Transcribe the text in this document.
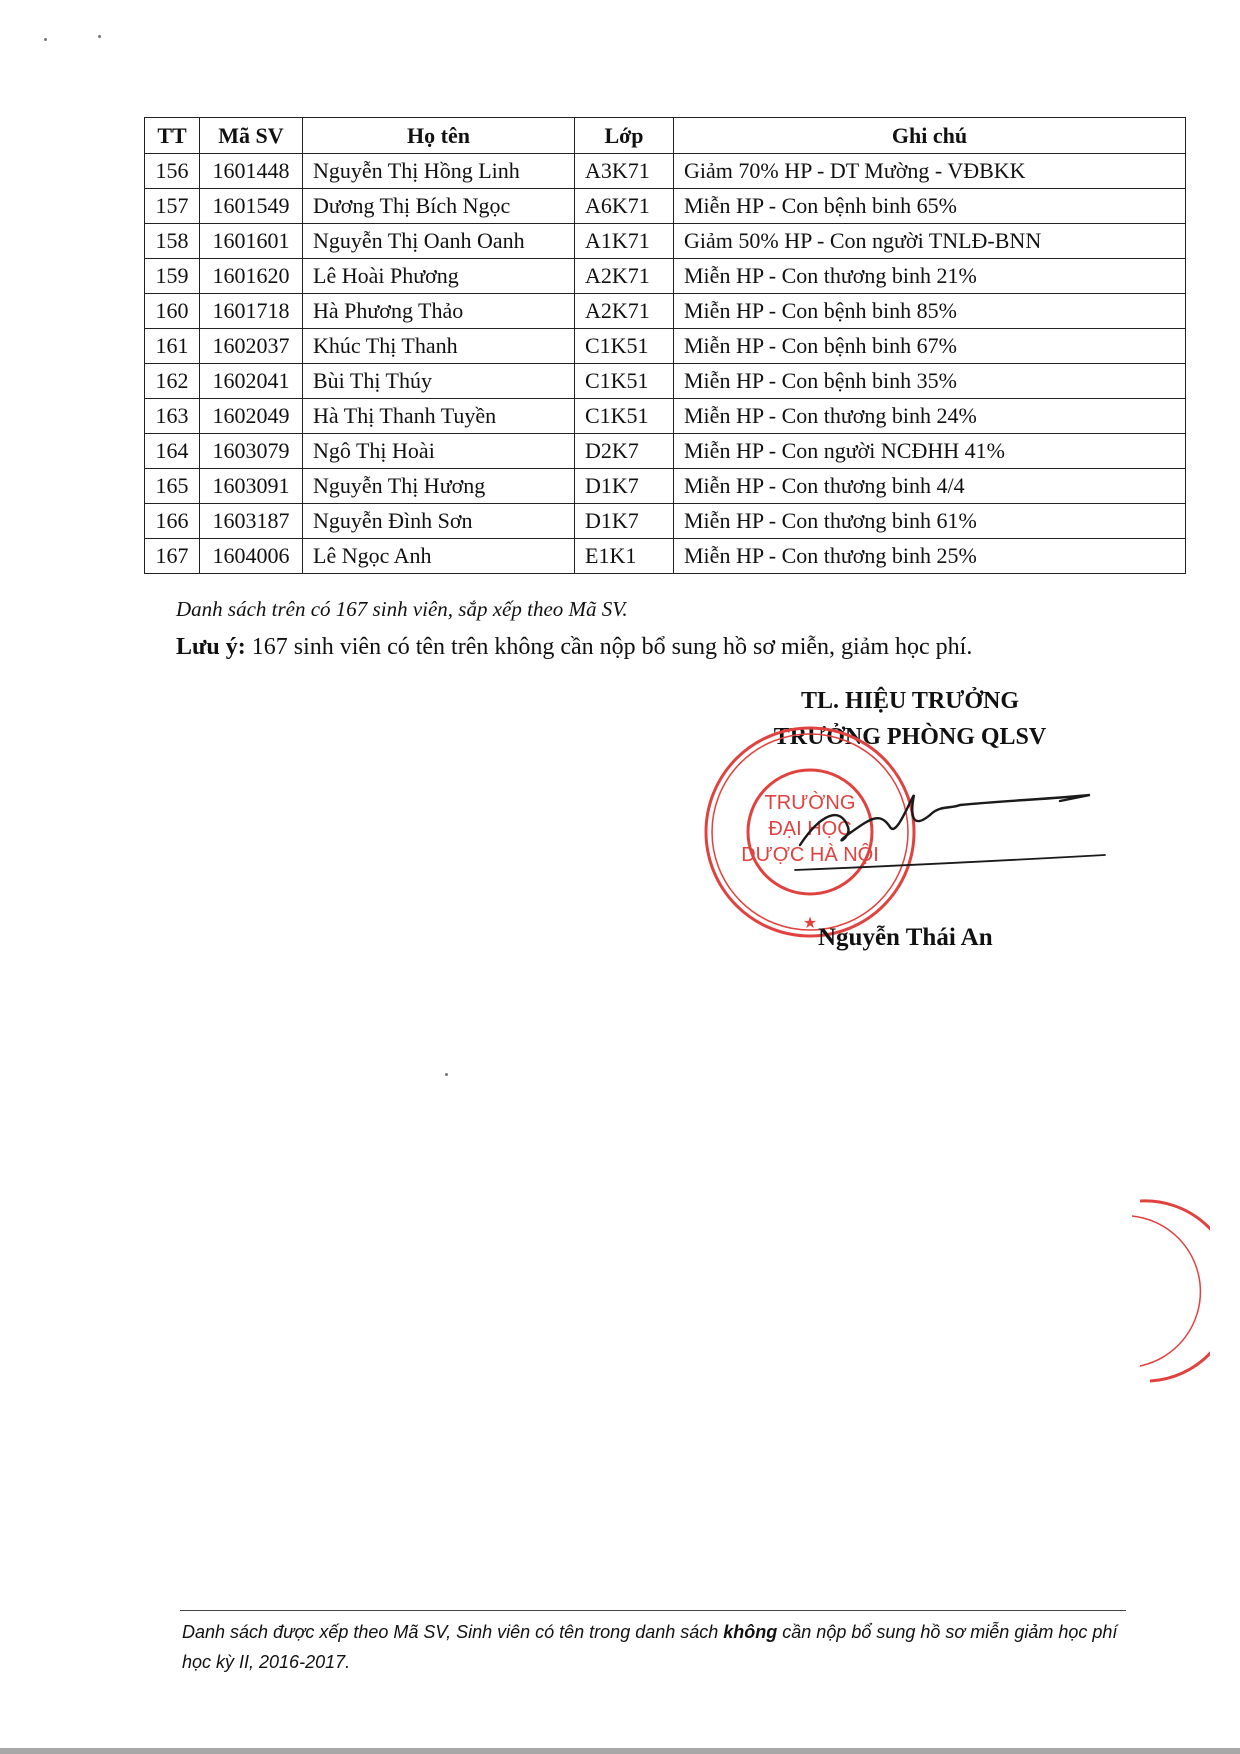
TT	Mã SV	Họ tên	Lớp	Ghi chú
156	1601448	Nguyễn Thị Hồng Linh	A3K71	Giảm 70% HP - DT Mường - VĐBKK
157	1601549	Dương Thị Bích Ngọc	A6K71	Miễn HP - Con bệnh binh 65%
158	1601601	Nguyễn Thị Oanh Oanh	A1K71	Giảm 50% HP - Con người TNLĐ-BNN
159	1601620	Lê Hoài Phương	A2K71	Miễn HP - Con thương binh 21%
160	1601718	Hà Phương Thảo	A2K71	Miễn HP - Con bệnh binh 85%
161	1602037	Khúc Thị Thanh	C1K51	Miễn HP - Con bệnh binh 67%
162	1602041	Bùi Thị Thúy	C1K51	Miễn HP - Con bệnh binh 35%
163	1602049	Hà Thị Thanh Tuyền	C1K51	Miễn HP - Con thương binh 24%
164	1603079	Ngô Thị Hoài	D2K7	Miễn HP - Con người NCĐHH 41%
165	1603091	Nguyễn Thị Hương	D1K7	Miễn HP - Con thương binh 4/4
166	1603187	Nguyễn Đình Sơn	D1K7	Miễn HP - Con thương binh 61%
167	1604006	Lê Ngọc Anh	E1K1	Miễn HP - Con thương binh 25%
Danh sách trên có 167 sinh viên, sắp xếp theo Mã SV.
Lưu ý: 167 sinh viên có tên trên không cần nộp bổ sung hồ sơ miễn, giảm học phí.
TL. HIỆU TRƯỞNG
TRƯỞNG PHÒNG QLSV
TRƯỜNG
ĐẠI HỌC
DƯỢC HÀ NỘI
★
Nguyễn Thái An
Danh sách được xếp theo Mã SV, Sinh viên có tên trong danh sách không cần nộp bổ sung hồ sơ miễn giảm học phí học kỳ II, 2016-2017.
